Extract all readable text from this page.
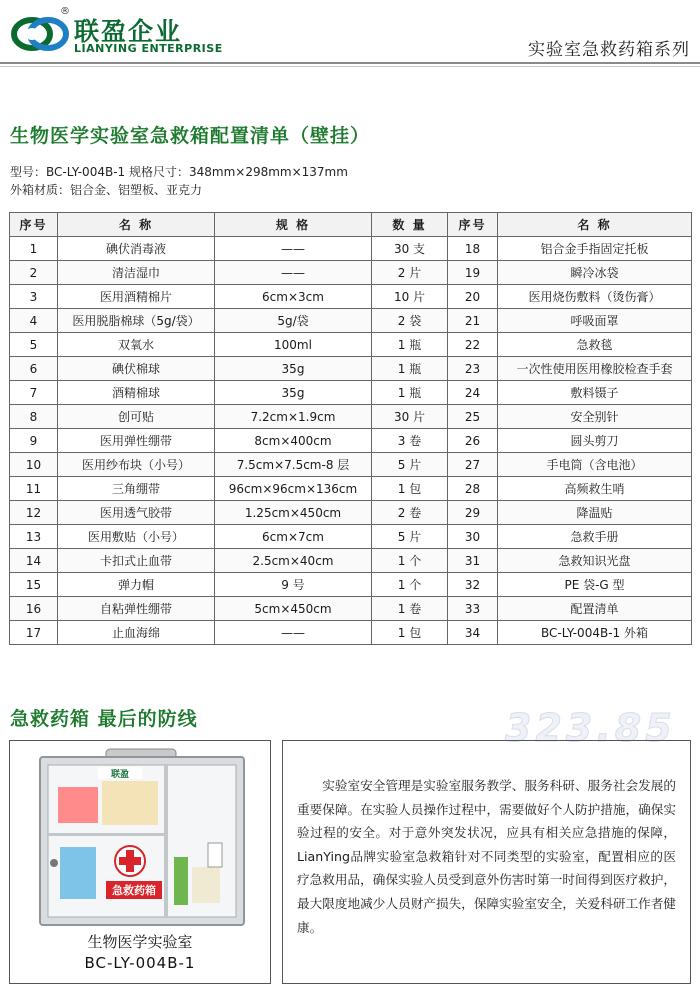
®
联盈企业
LIANYING ENTERPRISE	实验室急救药箱系列
生物医学实验室急救箱配置清单（壁挂）
型号：BC-LY-004B-1 规格尺寸：348mm×298mm×137mm
外箱材质：铝合金、铝塑板、亚克力
序号	名 称	规 格	数 量	序号	名 称
1	碘伏消毒液	——	30 支	18	铝合金手指固定托板
2	清洁湿巾	——	2 片	19	瞬冷冰袋
3	医用酒精棉片	6cm×3cm	10 片	20	医用烧伤敷料（烫伤膏）
4	医用脱脂棉球（5g/袋）	5g/袋	2 袋	21	呼吸面罩
5	双氧水	100ml	1 瓶	22	急救毯
6	碘伏棉球	35g	1 瓶	23	一次性使用医用橡胶检查手套
7	酒精棉球	35g	1 瓶	24	敷料镊子
8	创可贴	7.2cm×1.9cm	30 片	25	安全别针
9	医用弹性绷带	8cm×400cm	3 卷	26	圆头剪刀
10	医用纱布块（小号）	7.5cm×7.5cm-8 层	5 片	27	手电筒（含电池）
11	三角绷带	96cm×96cm×136cm	1 包	28	高频救生哨
12	医用透气胶带	1.25cm×450cm	2 卷	29	降温贴
13	医用敷贴（小号）	6cm×7cm	5 片	30	急救手册
14	卡扣式止血带	2.5cm×40cm	1 个	31	急救知识光盘
15	弹力帽	9 号	1 个	32	PE 袋-G 型
16	自粘弹性绷带	5cm×450cm	1 卷	33	配置清单
17	止血海绵	——	1 包	34	BC-LY-004B-1 外箱
急救药箱 最后的防线	323.85
急救药箱
联盈
生物医学实验室
BC-LY-004B-1

实验室安全管理是实验室服务教学、服务科研、服务社会发展的重要保障。在实验人员操作过程中，需要做好个人防护措施，确保实验过程的安全。对于意外突发状况，应具有相关应急措施的保障，LianYing品牌实验室急救箱针对不同类型的实验室，配置相应的医疗急救用品，确保实验人员受到意外伤害时第一时间得到医疗救护，最大限度地减少人员财产损失，保障实验室安全，关爱科研工作者健康。
